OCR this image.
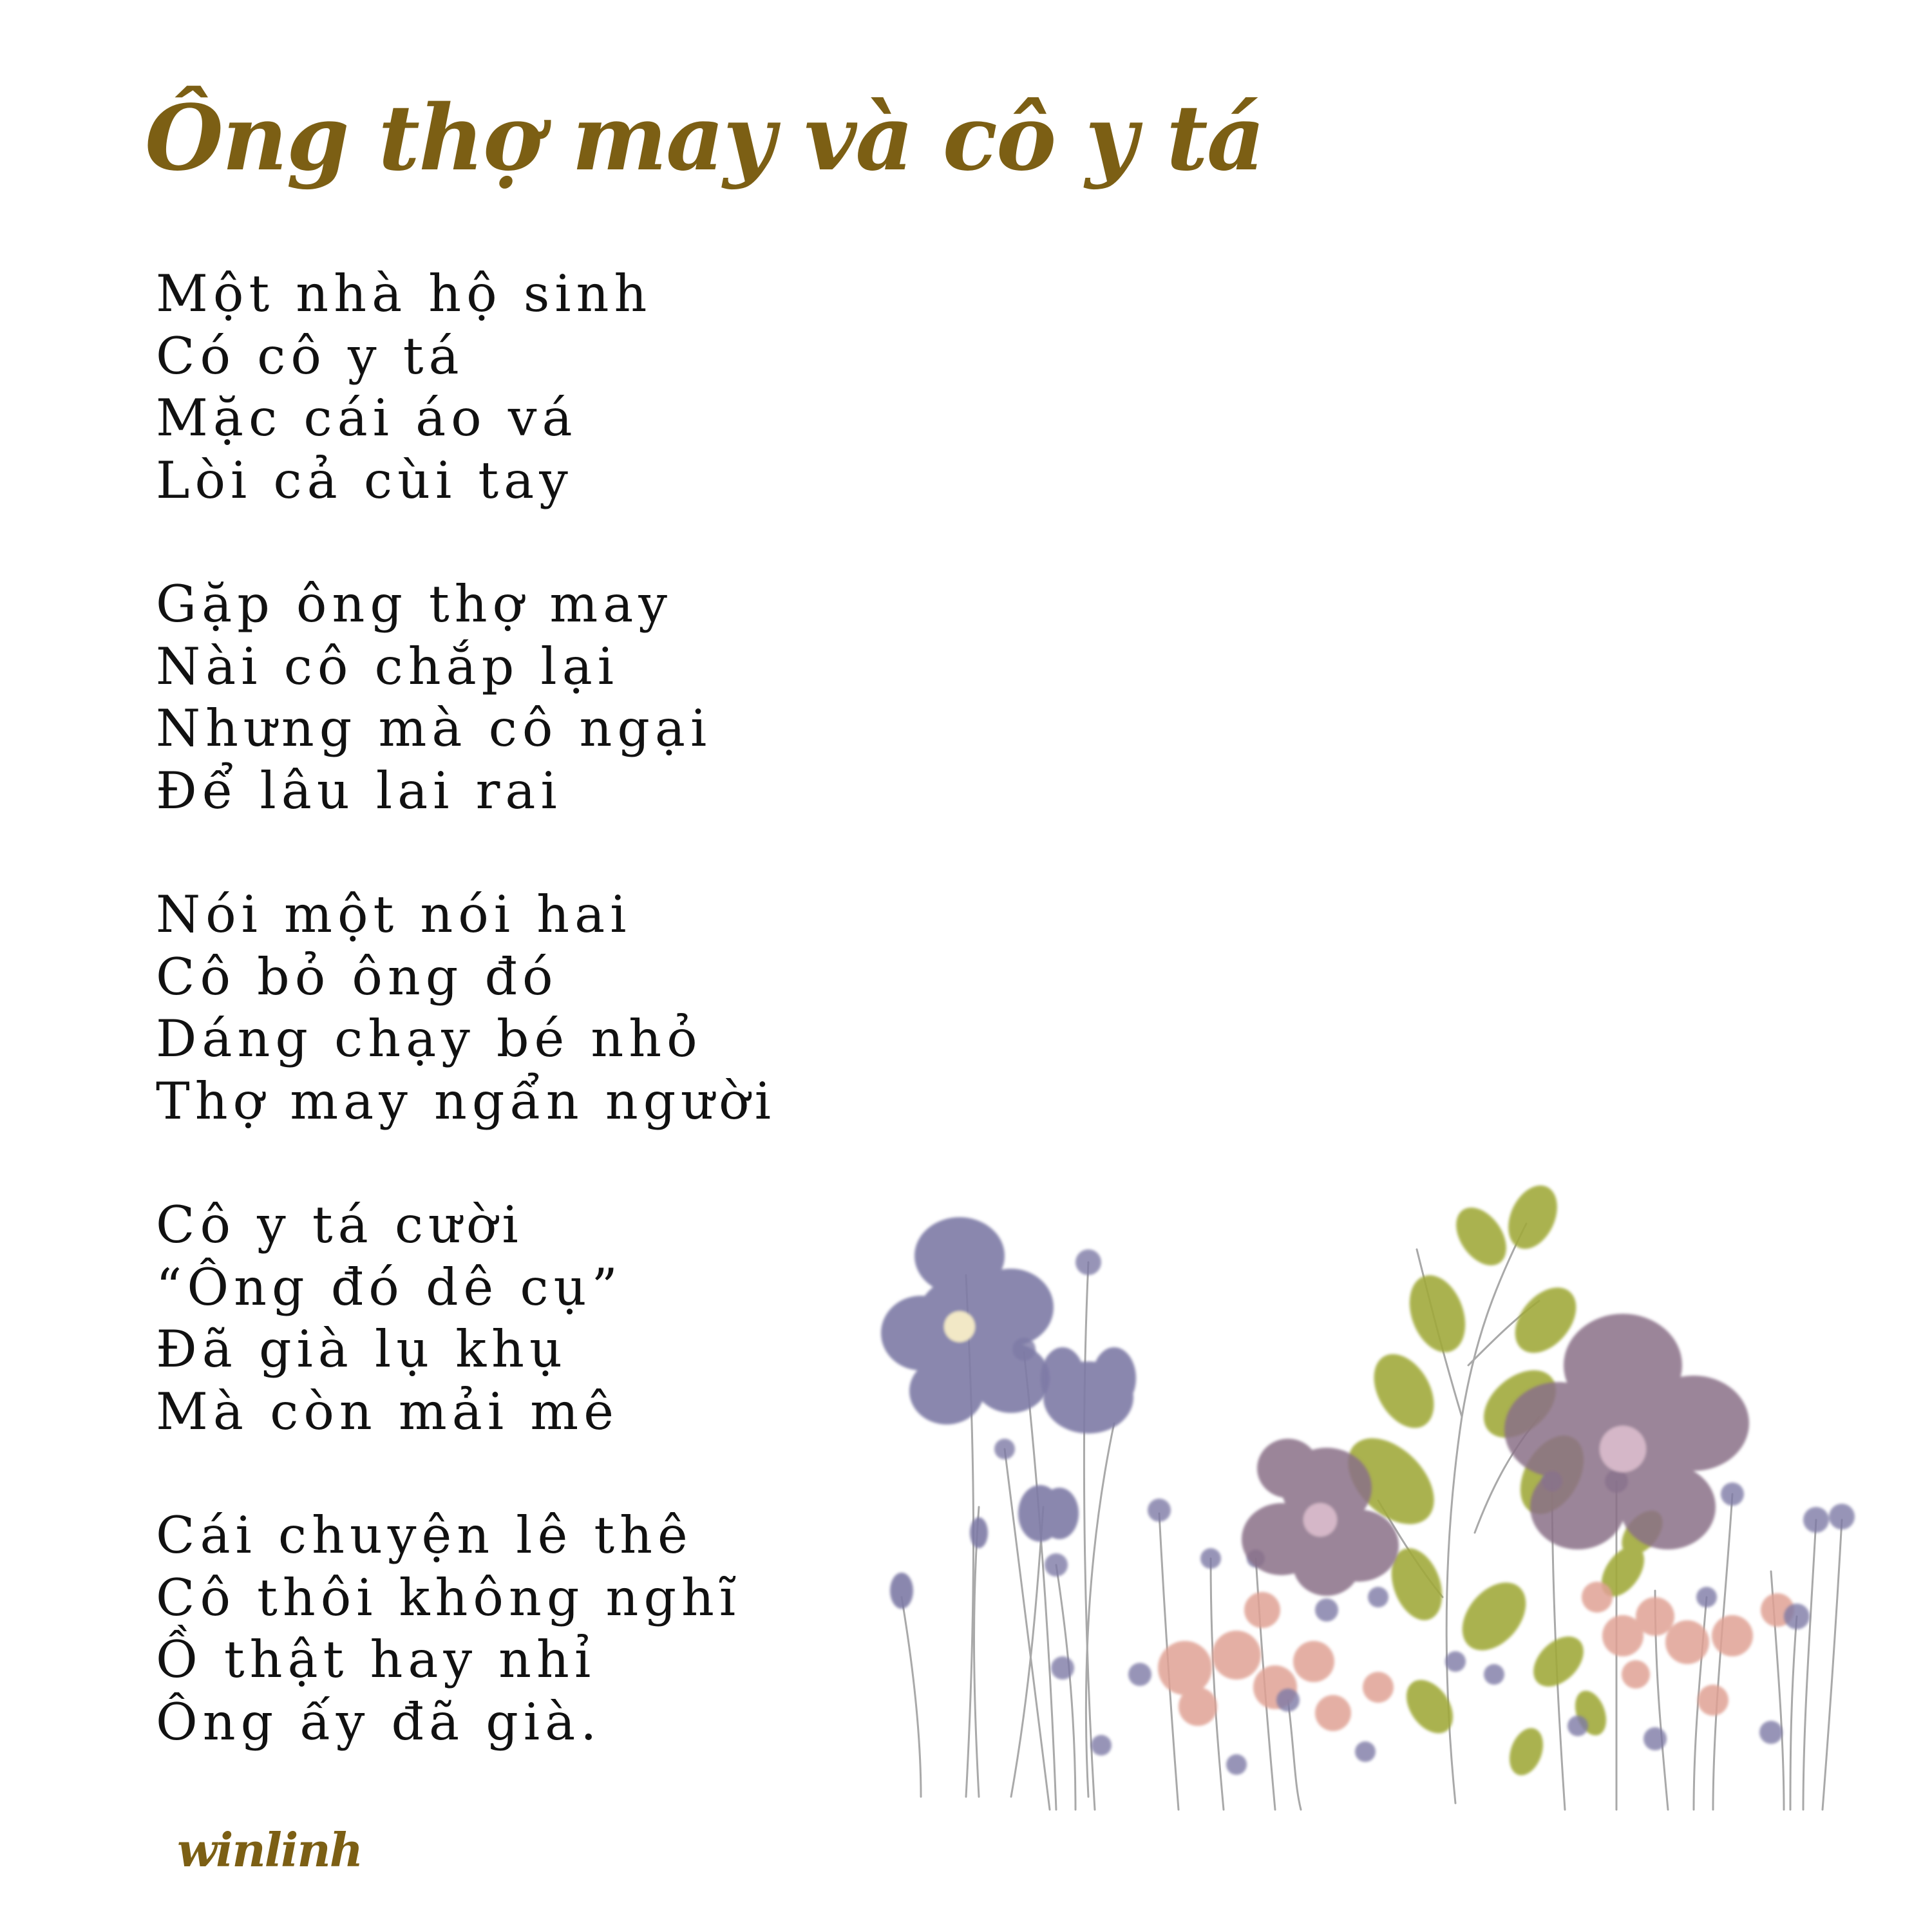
Ông thợ may và cô y tá
Một nhà hộ sinh
Có cô y tá
Mặc cái áo vá
Lòi cả cùi tay
Gặp ông thợ may
Nài cô chắp lại
Nhưng mà cô ngại
Để lâu lai rai
Nói một nói hai
Cô bỏ ông đó
Dáng chạy bé nhỏ
Thợ may ngẩn người
Cô y tá cười
“Ông đó dê cụ”
Đã già lụ khụ
Mà còn mải mê
Cái chuyện lê thê
Cô thôi không nghĩ
Ồ thật hay nhỉ
Ông ấy đã già.
winlinh
